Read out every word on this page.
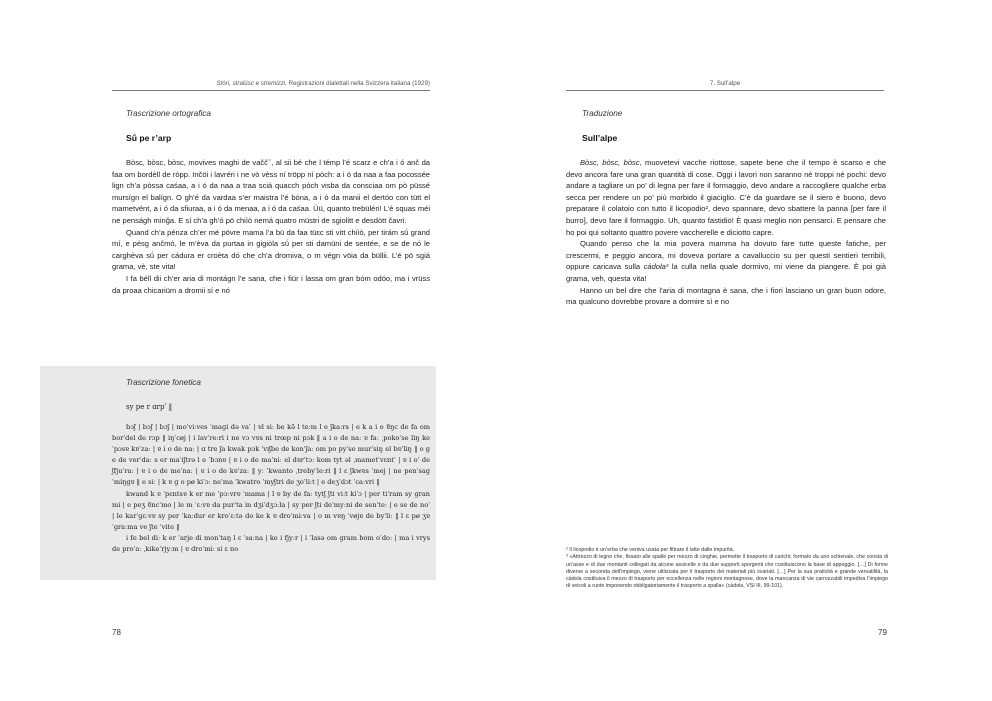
Stòri, stralüsc e stremizzi. Registrazioni dialettali nella Svizzera italiana (1929)
Trascrizione ortografica
Sǘ pe r’arp

Bòsc, bòsc, bòsc, movives maghi de vaččˇ, al sii bé che l témp l’é scarz e ch’a i ó anč da faa om bordèll de ròpp. Inčöi i lavréri i ne vò vèss ní tröpp ní pòch: a i ó da naa a faa pocossée lign ch’a pòssa caśaa, a i ó da naa a traa sciá quacch pòch visba da consciaa om pò püssé mursígn el balígn. O gh’é da vardaa s’er maistra l’é bóna, a i ó da manii el dertóo con tütt el mametvént, a i ó da sfiuraa, a i ó da menaa, a i ó da caśaa. Üü, quanto trebüléri! L’é squas méi ne penságh minğa. E sí ch’a gh’ó pö chiìò nemá quatro müstri de sgiolitt e desdòtt čavri.

Quand ch’a pénza ch’er mé pövre mama l’a bü da faa tüɛc sti vitt chiìò, per tirám sǘ grand mí, e pésg ančmò, le m’èva da purtaa in gigiòla sǘ per sti damüni de sentée, e se de nó le carghèva sǘ per cádura er croèta dó che ch’a dromiva, o m végn vöia da büllii. L’é pö sgiá grama, vè, ste vita!

I fa béll dii ch’er aria di montágn l’e sana, che i fiür i lassa om gran bóm odóo, ma i vrüss da proaa chicariüm a dromii sí e nó

Trascrizione fonetica
sy pe r ɑrpˈ ‖

bɔʃ | bɔʃ | bɔʃ | moˈviːves ˈmaɡi də vaˈ | ɐl siː be kə̃ l teːm l e ʃkaːrs | e k a i o ɐ̃ŋc de fa om borˈdel de rɔp ‖ iŋˈcøj | i lavˈreːri i ne vɔ vɐs ni trœp ni pɔk ‖ a i o de naː ɐ faː ˌpokoˈse liŋ ke ˈpɔsɐ kɐˈzaː | ɐ i o de naː | ɑ tre ʃa kwak pɔk ˈvɪʃbe de konˈʃaː om po pyˈse murˈsiŋ el bɐˈliŋ ‖ o ɡ e de verˈdaː s er maˈiʃtrə l e ˈbɔnɐ | ɐ i o de maˈniː el dɐrˈtɔː kom tyt əl ˌmametˈvɛntˈ | ɐ i oˈ de ʃfjuˈraː | ɐ i o de meˈnaː | ɐ i o de kɐˈzaː ‖ yː ˈkwanto ˌtrebyˈleːri ‖ l ɛ ʃkwɐs ˈmej | ne penˈsaɡ ˈmiŋɡɐ ‖ e siː | k ɐ ɡ o pø kiˈɔː neˈma ˈkwatro ˈmyʃtri de ʒoˈliːt | e deʒˈdɔt ˈcaːvri ‖

kwand k ɐ ˈpɛntsɐ k er me ˈpɔːvrɐ ˈmama | l ɐ by de faː tytʃ ʃti viːt kiˈɔ | per tiˈram sy ɡran mi | e peʒ ɐ̃ncˈmo | le m ˈɛːvɐ da purˈta in dʒiˈdʒɔːla | sy per ʃti deˈmyːni de senˈteː | e se de noˈ | le karˈɡɛːvɐ sy per ˈkaːdur er kroˈɛːtə do ke k ɐ droˈmiːva | o m vɐŋ ˈvøjɐ de byˈliː ‖ l ɛ pø ʒɐ ˈɡraːma ve ʃte ˈvite ‖

i fe bel diː k er ˈarje di monˈtaŋ l ɛ ˈsaːna | ke i fjyːr | i ˈlasə om ɡram bom oˈdoː | ma i vrys de proˈaː ˌkikeˈrjyːm | ɐ droˈmiː si ɛ no

78
7. Sull’alpe
Traduzione
Sull’alpe

Bòsc, bòsc, bòsc, muovetevi vacche riottose, sapete bene che il tempo è scarso e che devo ancora fare una gran quantità di cose. Oggi i lavori non saranno né troppi né pochi: devo andare a tagliare un po’ di legna per fare il formaggio, devo andare a raccogliere qualche erba secca per rendere un po’ più morbido il giaciglio. C’è da guardare se il siero è buono, devo preparare il colatoio con tutto il licopodio², devo spannare, devo sbattere la panna [per fare il burro], devo fare il formaggio. Uh, quanto fastidio! È quasi meglio non pensarci. E pensare che ho poi qui soltanto quattro povere vaccherelle e diciotto capre.

Quando penso che la mia povera mamma ha dovuto fare tutte queste fatiche, per crescermi, e peggio ancora, mi doveva portare a cavalluccio su per questi sentieri terribili, oppure caricava sulla cádola³ la culla nella quale dormivo, mi viene da piangere. È poi già grama, veh, questa vita!

Hanno un bel dire che l’aria di montagna è sana, che i fiori lasciano un gran buon odore, ma qualcuno dovrebbe provare a dormire sì e no

² Il licopodio è un’erba che veniva usata per filtrare il latte dalle impurità.

³ «Attrezzo di legno che, fissato alle spalle per mezzo di cinghie, permette il trasporto di carichi; formato da uno schienale, che consta di un’asse e di due montanti collegati da alcune assicelle e da due supporti sporgenti che costituiscono la base di appoggio. […] Di forme diverse a seconda dell’impiego, viene utilizzata per il trasporto dei materiali più svariati. […] Per la sua praticità e grande versatilità, la cádola costituiva il mezzo di trasporto per eccellenza nelle regioni montagnose, dove la mancanza di vie carrozzabili impediva l’impiego di veicoli a ruote imponendo obbligatoriamente il trasporto a spalla» (cádola, VSI III, 99-101).

79
